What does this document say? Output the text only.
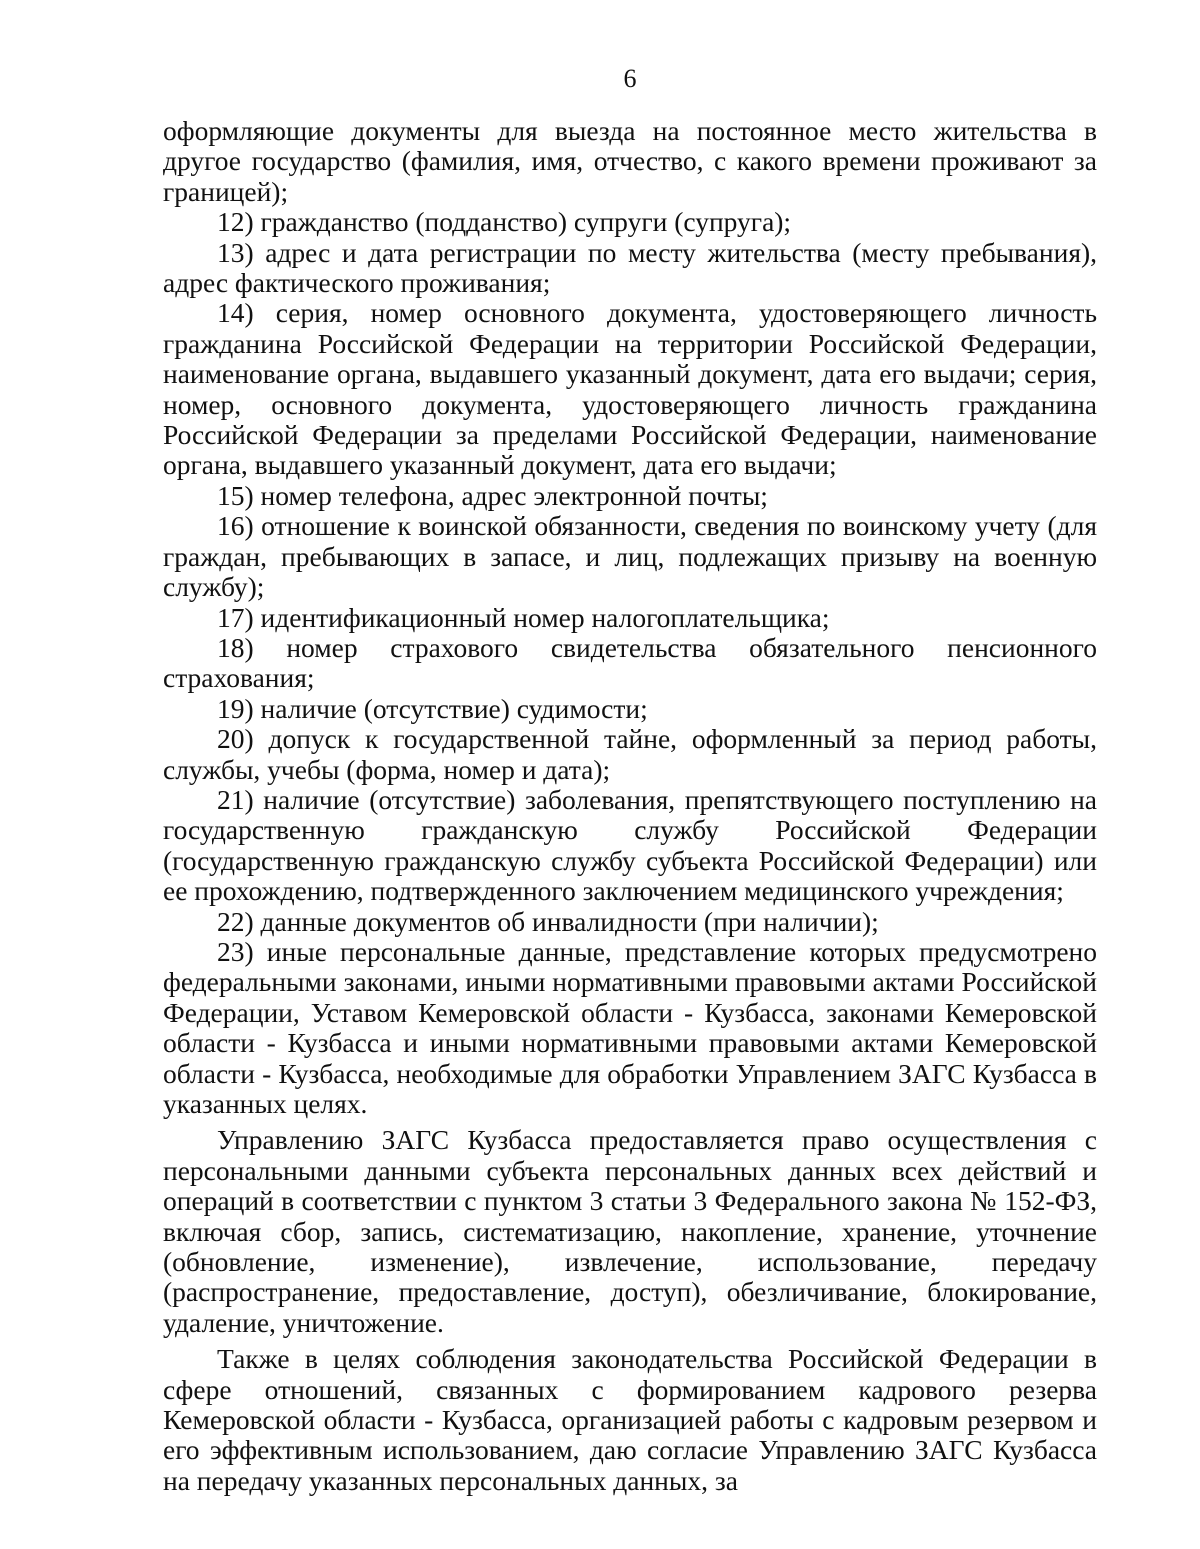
6

оформляющие документы для выезда на постоянное место жительства в другое государство (фамилия, имя, отчество, с какого времени проживают за границей);

12) гражданство (подданство) супруги (супруга);

13) адрес и дата регистрации по месту жительства (месту пребывания), адрес фактического проживания;

14) серия, номер основного документа, удостоверяющего личность гражданина Российской Федерации на территории Российской Федерации, наименование органа, выдавшего указанный документ, дата его выдачи; серия, номер, основного документа, удостоверяющего личность гражданина Российской Федерации за пределами Российской Федерации, наименование органа, выдавшего указанный документ, дата его выдачи;

15) номер телефона, адрес электронной почты;

16) отношение к воинской обязанности, сведения по воинскому учету (для граждан, пребывающих в запасе, и лиц, подлежащих призыву на военную службу);

17) идентификационный номер налогоплательщика;

18) номер страхового свидетельства обязательного пенсионного страхования;

19) наличие (отсутствие) судимости;

20) допуск к государственной тайне, оформленный за период работы, службы, учебы (форма, номер и дата);

21) наличие (отсутствие) заболевания, препятствующего поступлению на государственную гражданскую службу Российской Федерации (государственную гражданскую службу субъекта Российской Федерации) или ее прохождению, подтвержденного заключением медицинского учреждения;

22) данные документов об инвалидности (при наличии);

23) иные персональные данные, представление которых предусмотрено федеральными законами, иными нормативными правовыми актами Российской Федерации, Уставом Кемеровской области - Кузбасса, законами Кемеровской области - Кузбасса и иными нормативными правовыми актами Кемеровской области - Кузбасса, необходимые для обработки Управлением ЗАГС Кузбасса в указанных целях.

Управлению ЗАГС Кузбасса предоставляется право осуществления с персональными данными субъекта персональных данных всех действий и операций в соответствии с пунктом 3 статьи 3 Федерального закона № 152-ФЗ, включая сбор, запись, систематизацию, накопление, хранение, уточнение (обновление, изменение), извлечение, использование, передачу (распространение, предоставление, доступ), обезличивание, блокирование, удаление, уничтожение.

Также в целях соблюдения законодательства Российской Федерации в сфере отношений, связанных с формированием кадрового резерва Кемеровской области - Кузбасса, организацией работы с кадровым резервом и его эффективным использованием, даю согласие Управлению ЗАГС Кузбасса на передачу указанных персональных данных, за
